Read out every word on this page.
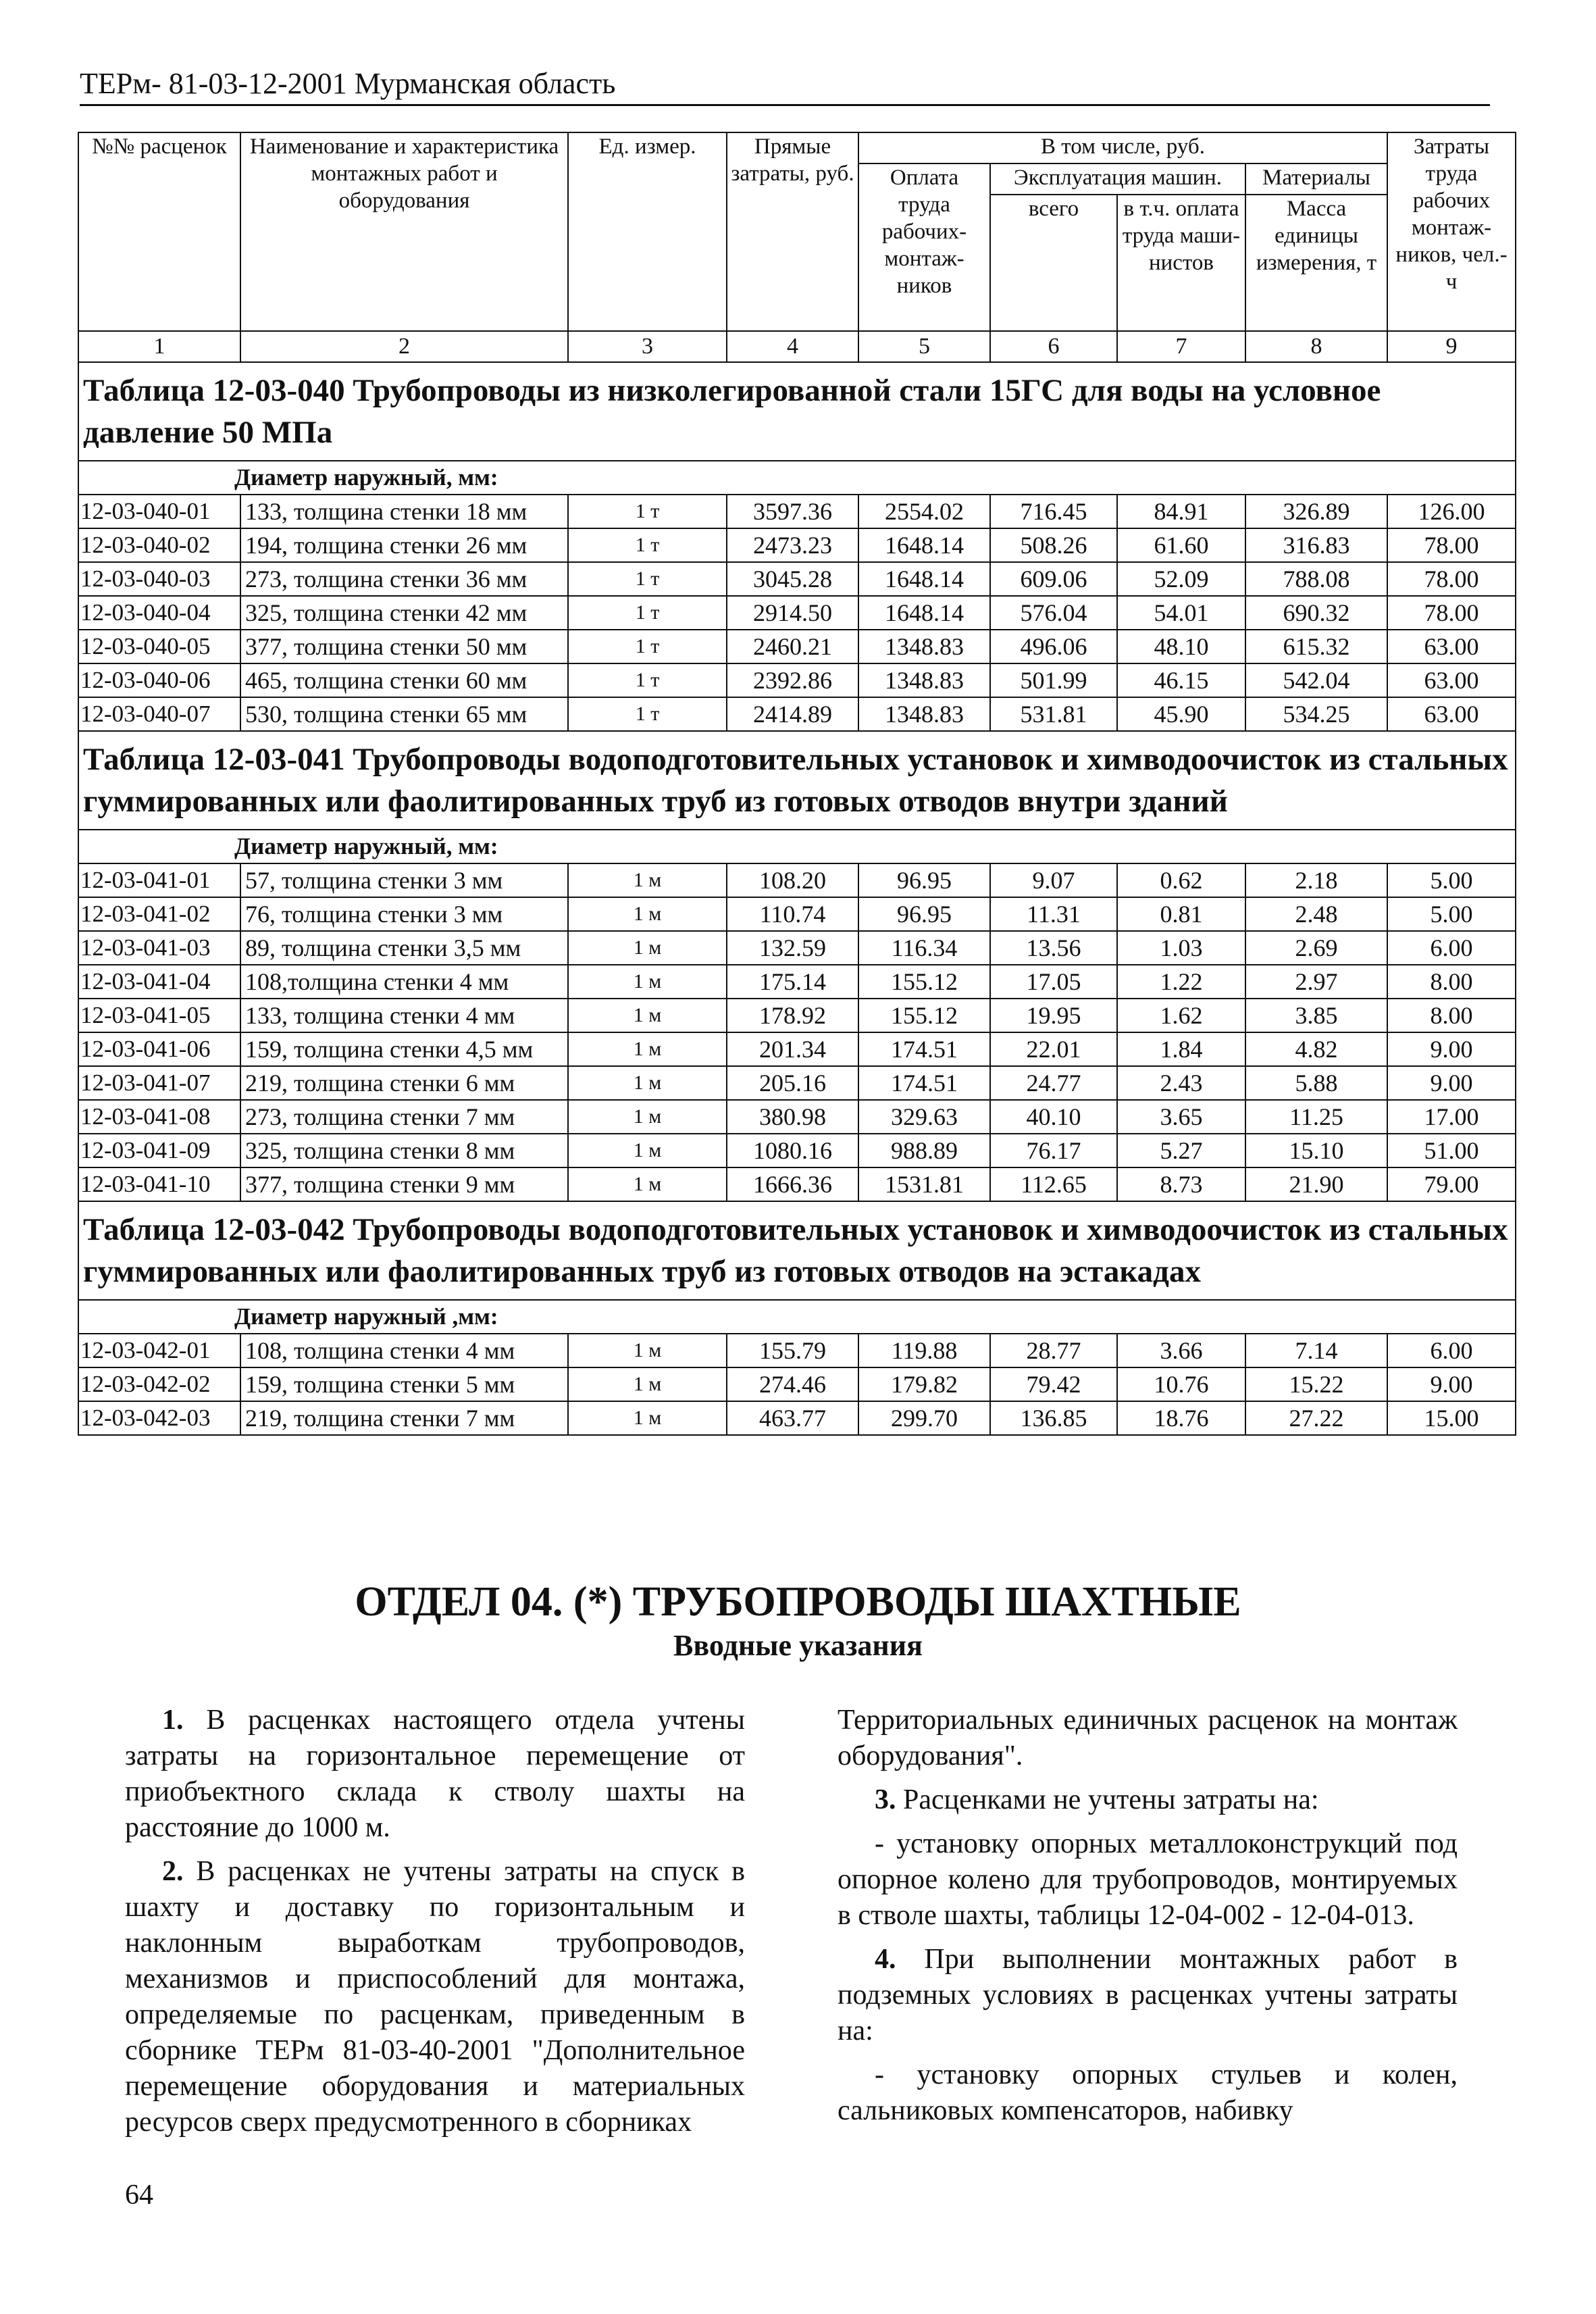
ТЕРм- 81-03-12-2001 Мурманская область
№№ расценок	Наименование и характеристика монтажных работ и оборудования	Ед. измер.	Прямые затраты, руб.	В том числе, руб.				Затраты труда рабочих монтаж-ников, чел.-ч
				Оплата труда рабочих-монтаж-ников	Эксплуатация машин.		Материалы	
					всего	в т.ч. оплата труда маши-нистов	Масса единицы измерения, т	
1	2	3	4	5	6	7	8	9
Таблица 12-03-040 Трубопроводы из низколегированной стали 15ГС для воды на условное давление 50 МПа								
Диаметр наружный, мм:								
12-03-040-01	133, толщина стенки 18 мм	1 т	3597.36	2554.02	716.45	84.91	326.89	126.00
12-03-040-02	194, толщина стенки 26 мм	1 т	2473.23	1648.14	508.26	61.60	316.83	78.00
12-03-040-03	273, толщина стенки 36 мм	1 т	3045.28	1648.14	609.06	52.09	788.08	78.00
12-03-040-04	325, толщина стенки 42 мм	1 т	2914.50	1648.14	576.04	54.01	690.32	78.00
12-03-040-05	377, толщина стенки 50 мм	1 т	2460.21	1348.83	496.06	48.10	615.32	63.00
12-03-040-06	465, толщина стенки 60 мм	1 т	2392.86	1348.83	501.99	46.15	542.04	63.00
12-03-040-07	530, толщина стенки 65 мм	1 т	2414.89	1348.83	531.81	45.90	534.25	63.00
Таблица 12-03-041 Трубопроводы водоподготовительных установок и химводоочисток из стальных гуммированных или фаолитированных труб из готовых отводов внутри зданий								
Диаметр наружный, мм:								
12-03-041-01	57, толщина стенки 3 мм	1 м	108.20	96.95	9.07	0.62	2.18	5.00
12-03-041-02	76, толщина стенки 3 мм	1 м	110.74	96.95	11.31	0.81	2.48	5.00
12-03-041-03	89, толщина стенки 3,5 мм	1 м	132.59	116.34	13.56	1.03	2.69	6.00
12-03-041-04	108,толщина стенки 4 мм	1 м	175.14	155.12	17.05	1.22	2.97	8.00
12-03-041-05	133, толщина стенки 4 мм	1 м	178.92	155.12	19.95	1.62	3.85	8.00
12-03-041-06	159, толщина стенки 4,5 мм	1 м	201.34	174.51	22.01	1.84	4.82	9.00
12-03-041-07	219, толщина стенки 6 мм	1 м	205.16	174.51	24.77	2.43	5.88	9.00
12-03-041-08	273, толщина стенки 7 мм	1 м	380.98	329.63	40.10	3.65	11.25	17.00
12-03-041-09	325, толщина стенки 8 мм	1 м	1080.16	988.89	76.17	5.27	15.10	51.00
12-03-041-10	377, толщина стенки 9 мм	1 м	1666.36	1531.81	112.65	8.73	21.90	79.00
Таблица 12-03-042 Трубопроводы водоподготовительных установок и химводоочисток из стальных гуммированных или фаолитированных труб из готовых отводов на эстакадах								
Диаметр наружный ,мм:								
12-03-042-01	108, толщина стенки 4 мм	1 м	155.79	119.88	28.77	3.66	7.14	6.00
12-03-042-02	159, толщина стенки 5 мм	1 м	274.46	179.82	79.42	10.76	15.22	9.00
12-03-042-03	219, толщина стенки 7 мм	1 м	463.77	299.70	136.85	18.76	27.22	15.00
ОТДЕЛ 04. (*) ТРУБОПРОВОДЫ ШАХТНЫЕ
Вводные указания

1. В расценках настоящего отдела учтены затраты на горизонтальное перемещение от приобъектного склада к стволу шахты на расстояние до 1000 м.

2. В расценках не учтены затраты на спуск в шахту и доставку по горизонтальным и наклонным выработкам трубопроводов, механизмов и приспособлений для монтажа, определяемые по расценкам, приведенным в сборнике ТЕРм 81-03-40-2001 "Дополнительное перемещение оборудования и материальных ресурсов сверх предусмотренного в сборниках

Территориальных единичных расценок на монтаж оборудования".

3. Расценками не учтены затраты на:

- установку опорных металлоконструкций под опорное колено для трубопроводов, монтируемых в стволе шахты, таблицы 12-04-002 - 12-04-013.

4. При выполнении монтажных работ в подземных условиях в расценках учтены затраты на:

- установку опорных стульев и колен, сальниковых компенсаторов, набивку

64
